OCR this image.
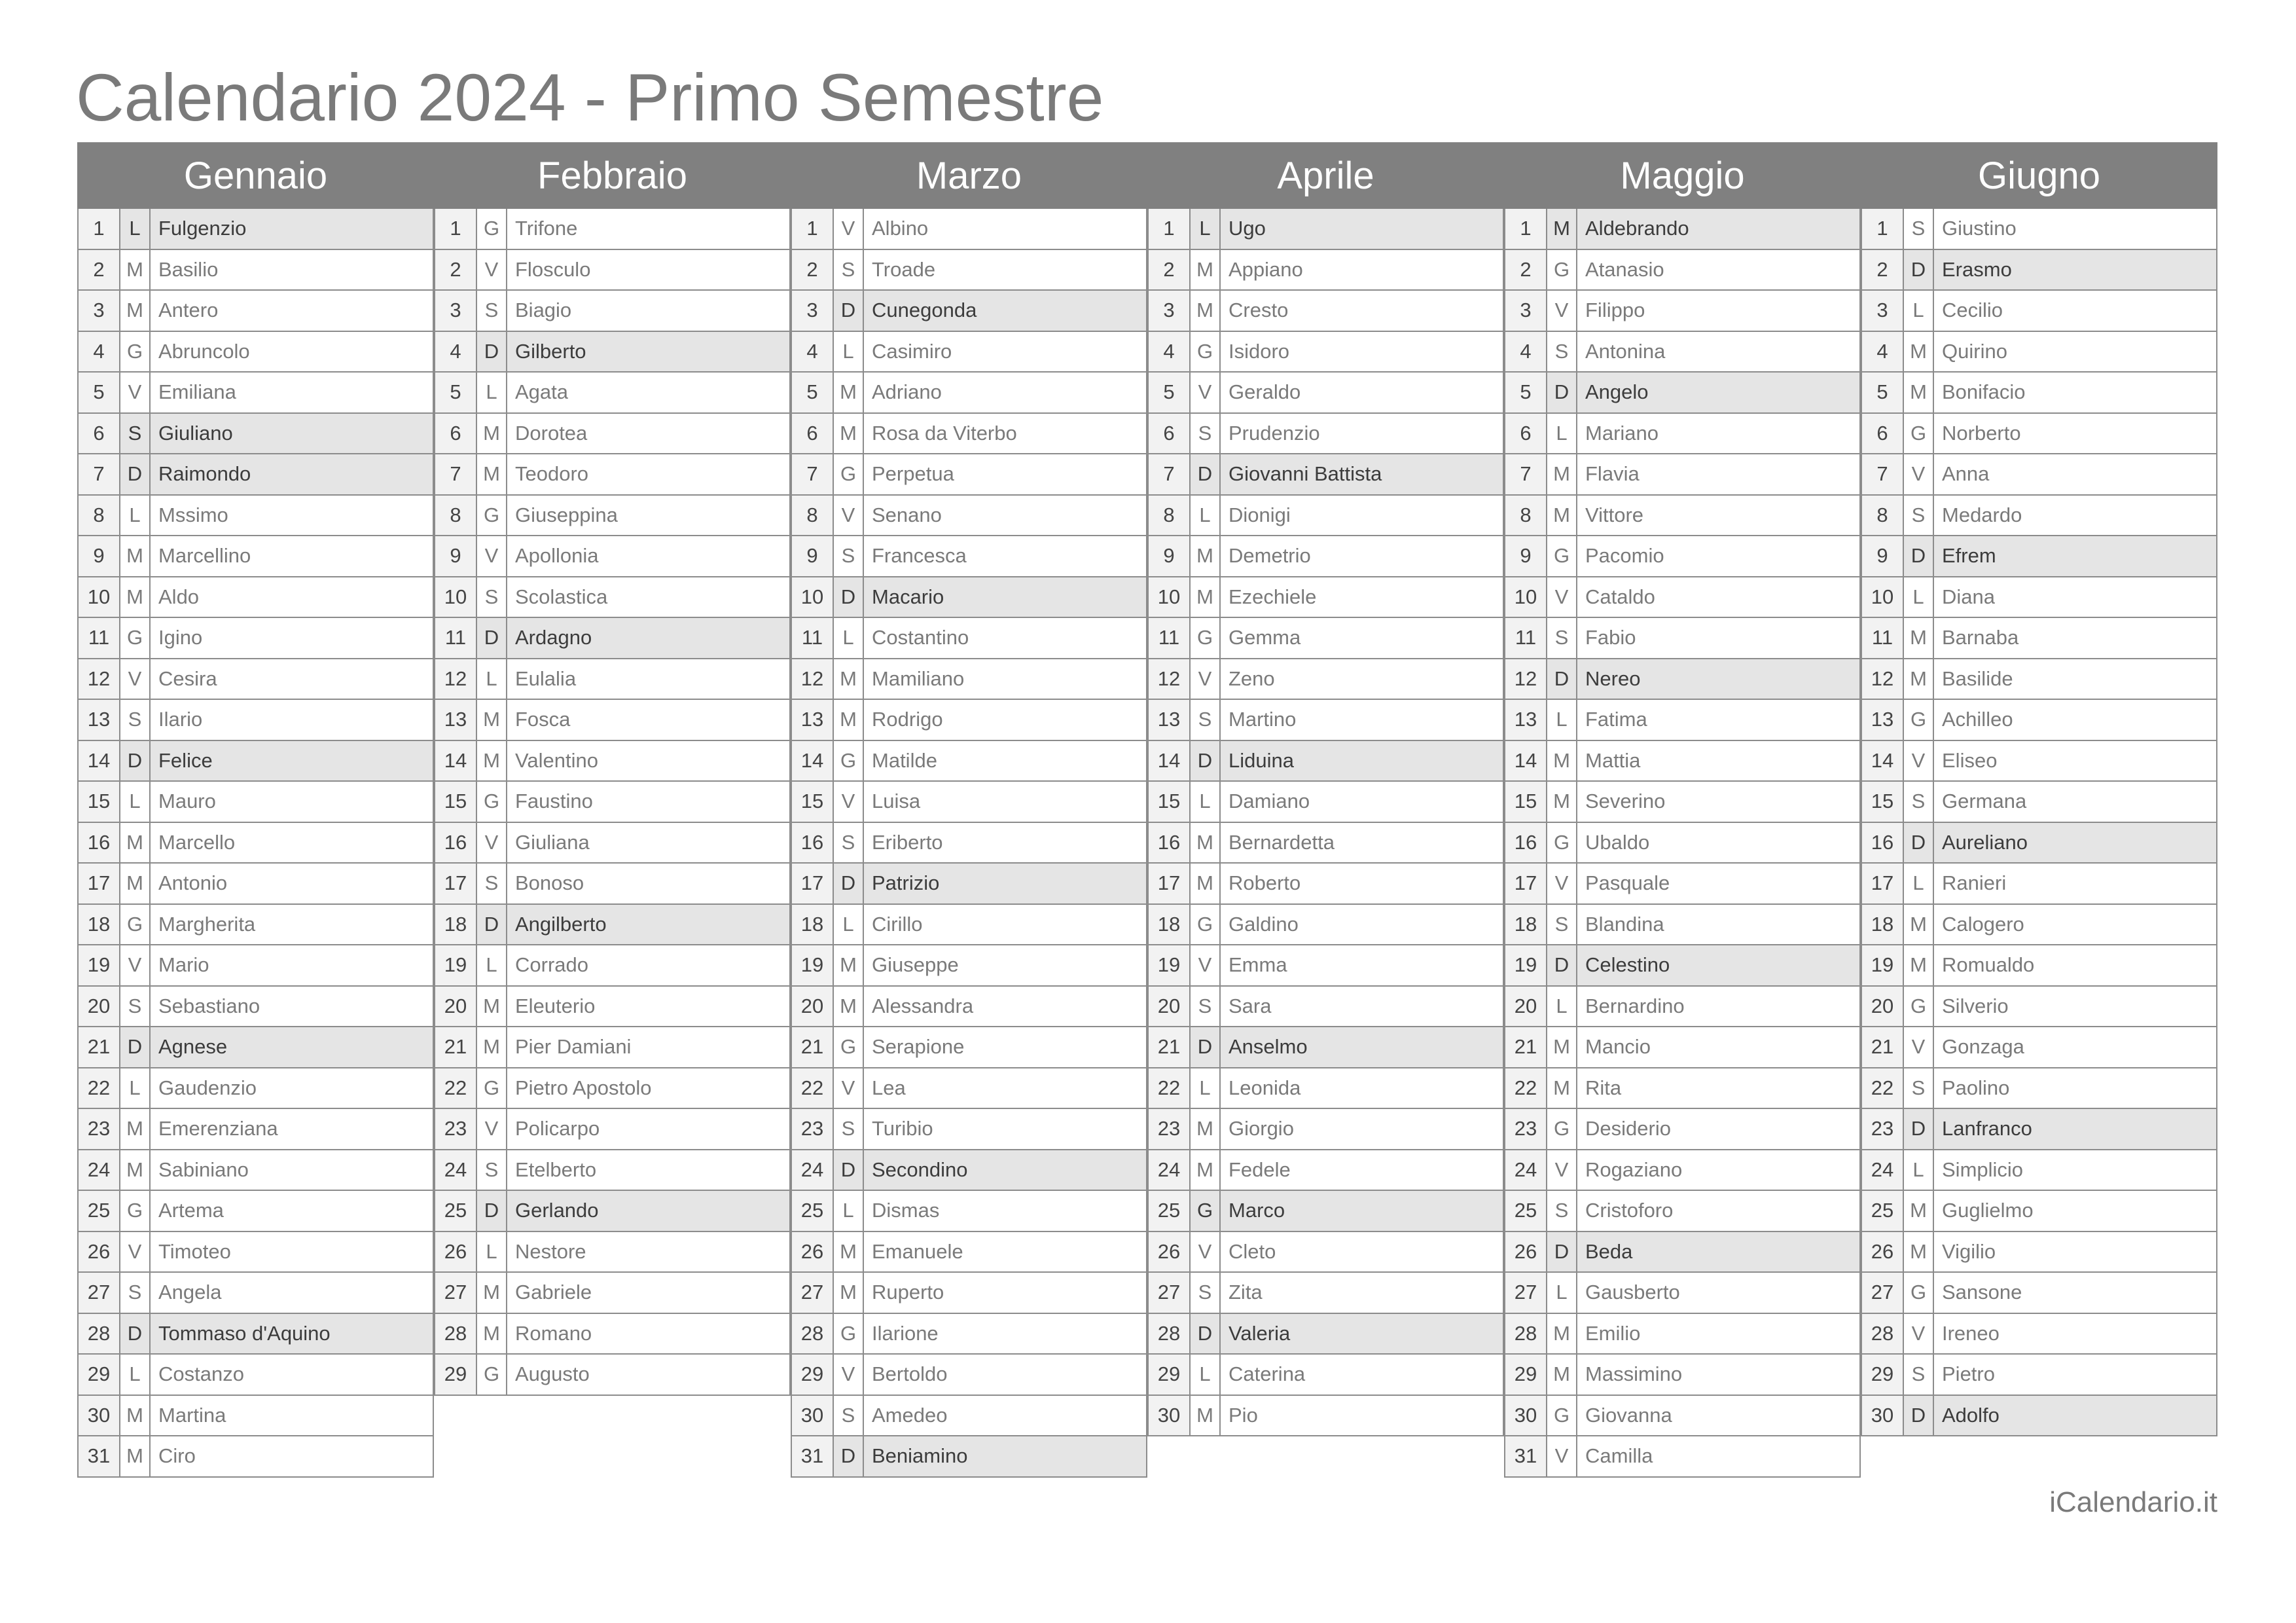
Calendario 2024 - Primo Semestre
Gennaio
1	L Fulgenzio
2	M Basilio
3	M Antero
4	G Abruncolo
5	V Emiliana
6	S Giuliano
7	D Raimondo
8	L Mssimo
9	M Marcellino
10 M Aldo
11 G Igino
12 V Cesira
13 S Ilario
14 D Felice
15 L Mauro
16 M Marcello
17 M Antonio
18 G Margherita
19 V Mario
20 S Sebastiano
21 D Agnese
22 L Gaudenzio
23 M Emerenziana
24 M Sabiniano
25 G Artema
26 V Timoteo
27 S Angela
28 D Tommaso d'Aquino
29 L Costanzo
30 M Martina
31 M Ciro
Febbraio
1	G Trifone
2	V Flosculo
3	S Biagio
4	D Gilberto
5	L Agata
6	M Dorotea
7	M Teodoro
8	G Giuseppina
9	V Apollonia
10 S Scolastica
11 D Ardagno
12 L Eulalia
13 M Fosca
14 M Valentino
15 G Faustino
16 V Giuliana
17 S Bonoso
18 D Angilberto
19 L Corrado
20 M Eleuterio
21 M Pier Damiani
22 G Pietro Apostolo
23 V Policarpo
24 S Etelberto
25 D Gerlando
26 L Nestore
27 M Gabriele
28 M Romano
29 G Augusto
Marzo
1	V Albino
2	S Troade
3	D Cunegonda
4	L Casimiro
5	M Adriano
6	M Rosa da Viterbo
7	G Perpetua
8	V Senano
9	S Francesca
10 D Macario
11 L Costantino
12 M Mamiliano
13 M Rodrigo
14 G Matilde
15 V Luisa
16 S Eriberto
17 D Patrizio
18 L Cirillo
19 M Giuseppe
20 M Alessandra
21 G Serapione
22 V Lea
23 S Turibio
24 D Secondino
25 L Dismas
26 M Emanuele
27 M Ruperto
28 G Ilarione
29 V Bertoldo
30 S Amedeo
31 D Beniamino
Aprile
1	L Ugo
2	M Appiano
3	M Cresto
4	G Isidoro
5	V Geraldo
6	S Prudenzio
7	D Giovanni Battista
8	L Dionigi
9	M Demetrio
10 M Ezechiele
11 G Gemma
12 V Zeno
13 S Martino
14 D Liduina
15 L Damiano
16 M Bernardetta
17 M Roberto
18 G Galdino
19 V Emma
20 S Sara
21 D Anselmo
22 L Leonida
23 M Giorgio
24 M Fedele
25 G Marco
26 V Cleto
27 S Zita
28 D Valeria
29 L Caterina
30 M Pio
Maggio
1	M Aldebrando
2	G Atanasio
3	V Filippo
4	S Antonina
5	D Angelo
6	L Mariano
7	M Flavia
8	M Vittore
9	G Pacomio
10 V Cataldo
11 S Fabio
12 D Nereo
13 L Fatima
14 M Mattia
15 M Severino
16 G Ubaldo
17 V Pasquale
18 S Blandina
19 D Celestino
20 L Bernardino
21 M Mancio
22 M Rita
23 G Desiderio
24 V Rogaziano
25 S Cristoforo
26 D Beda
27 L Gausberto
28 M Emilio
29 M Massimino
30 G Giovanna
31 V Camilla
Giugno
1	S Giustino
2	D Erasmo
3	L Cecilio
4	M Quirino
5	M Bonifacio
6	G Norberto
7	V Anna
8	S Medardo
9	D Efrem
10 L Diana
11 M Barnaba
12 M Basilide
13 G Achilleo
14 V Eliseo
15 S Germana
16 D Aureliano
17 L Ranieri
18 M Calogero
19 M Romualdo
20 G Silverio
21 V Gonzaga
22 S Paolino
23 D Lanfranco
24 L Simplicio
25 M Guglielmo
26 M Vigilio
27 G Sansone
28 V Ireneo
29 S Pietro
30 D Adolfo
iCalendario.it
